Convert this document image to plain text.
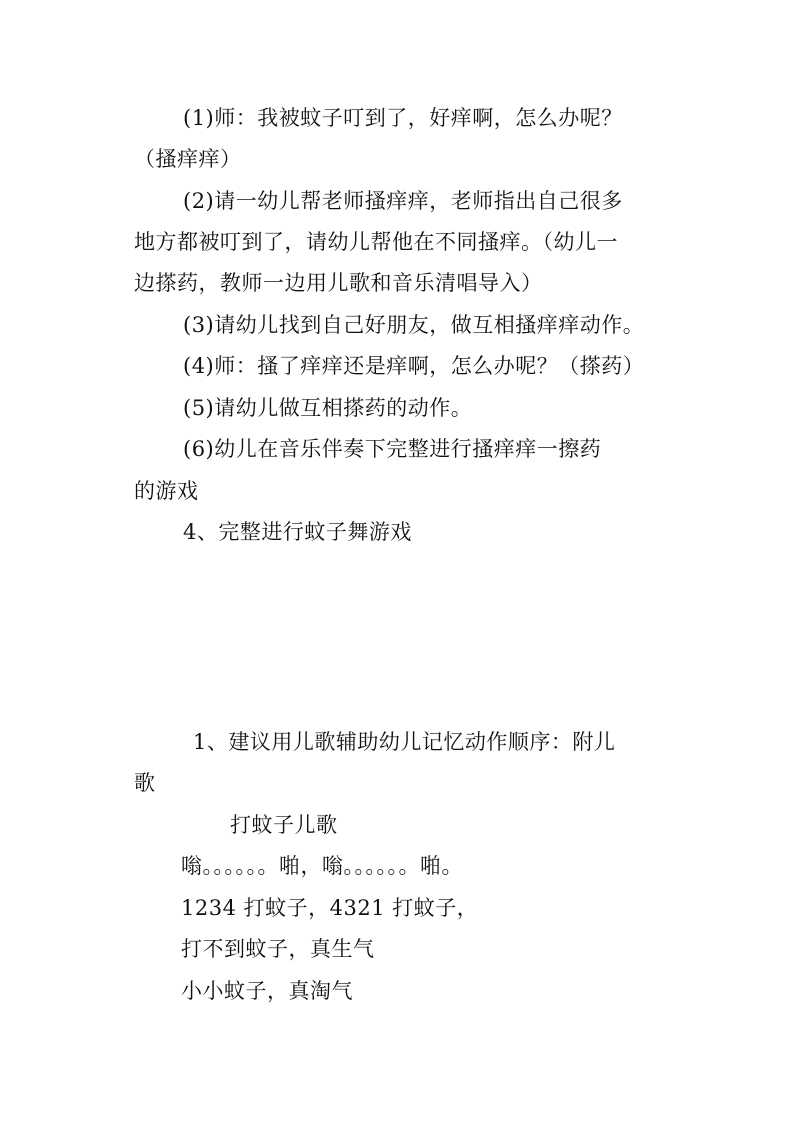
(1)师：我被蚊子叮到了，好痒啊，怎么办呢？
（搔痒痒）
(2)请一幼儿帮老师搔痒痒，老师指出自己很多
地方都被叮到了，请幼儿帮他在不同搔痒。（幼儿一
边搽药，教师一边用儿歌和音乐清唱导入）
(3)请幼儿找到自己好朋友，做互相搔痒痒动作。
(4)师：搔了痒痒还是痒啊，怎么办呢？（搽药）
(5)请幼儿做互相搽药的动作。
(6)幼儿在音乐伴奏下完整进行搔痒痒一擦药
的游戏
4、完整进行蚊子舞游戏
1、建议用儿歌辅助幼儿记忆动作顺序：附儿
歌
打蚊子儿歌
嗡。。。。。。啪，嗡。。。。。。啪。
1234 打蚊子，4321 打蚊子，
打不到蚊子，真生气
小小蚊子，真淘气
